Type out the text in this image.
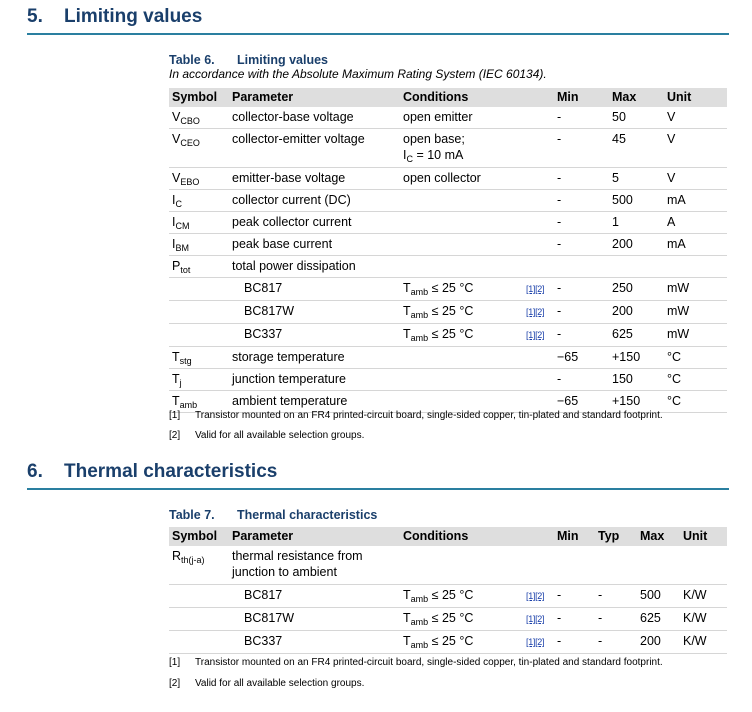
5.	Limiting values
Table 6. Limiting values
In accordance with the Absolute Maximum Rating System (IEC 60134).
Symbol	Parameter	Conditions		Min	Max	Unit
$V_{CBO}$	collector-base voltage	open emitter		-	50	V
$V_{CEO}$	collector-emitter voltage	open base;
$I_C = 10$ mA		-	45	V
$V_{EBO}$	emitter-base voltage	open collector		-	5	V
$I_C$	collector current (DC)			-	500	mA
$I_{CM}$	peak collector current			-	1	A
$I_{BM}$	peak base current			-	200	mA
$P_{tot}$	total power dissipation					
	BC817	$T_{amb} \le 25$ °C	[1][2]	-	250	mW
	BC817W	$T_{amb} \le 25$ °C	[1][2]	-	200	mW
	BC337	$T_{amb} \le 25$ °C	[1][2]	-	625	mW
$T_{stg}$	storage temperature			−65	+150	°C
$T_j$	junction temperature			-	150	°C
$T_{amb}$	ambient temperature			−65	+150	°C
[1] Transistor mounted on an FR4 printed-circuit board, single-sided copper, tin-plated and standard footprint.
[2] Valid for all available selection groups.
6.	Thermal characteristics
Table 7. Thermal characteristics
Symbol	Parameter	Conditions		Min	Typ	Max	Unit
$R_{th(j-a)}$	thermal resistance from
junction to ambient						

	BC817	$T_{amb} \le 25$ °C	[1][2]	-	-	500	K/W
	BC817W	$T_{amb} \le 25$ °C	[1][2]	-	-	625	K/W
	BC337	$T_{amb} \le 25$ °C	[1][2]	-	-	200	K/W
[1] Transistor mounted on an FR4 printed-circuit board, single-sided copper, tin-plated and standard footprint.
[2] Valid for all available selection groups.
